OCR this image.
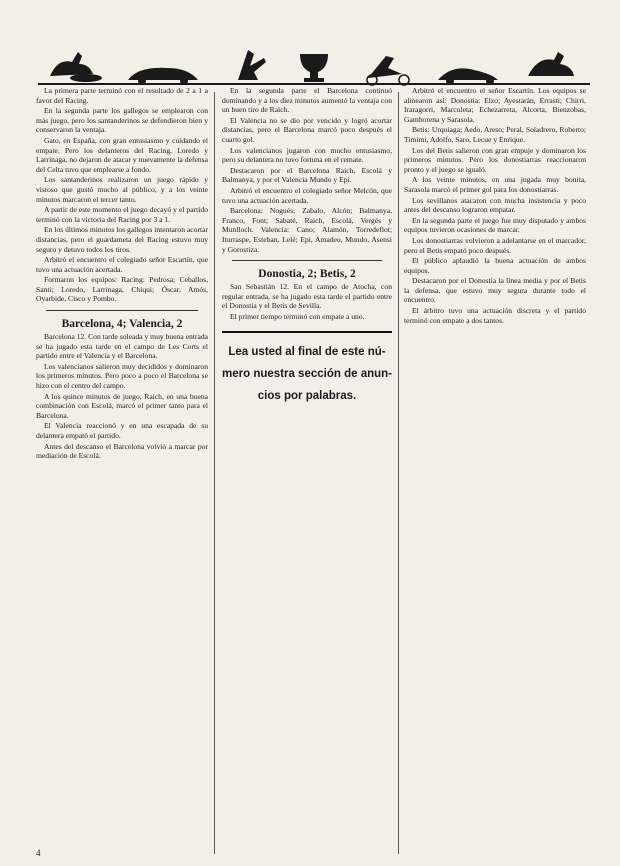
La primera parte terminó con el resultado de 2 a 1 a favor del Racing.

En la segunda parte los gallegos se emplearon con más juego, pero los santanderinos se defendieron bien y conservaron la ventaja.

Gato, en España, con gran entusiasmo y cuidando el empate. Pero los delanteros del Racing, Loredo y Larrinaga, no dejaron de atacar y nuevamente la defensa del Celta tuvo que emplearse a fondo.

Los santanderinos realizaron un juego rápido y vistoso que gustó mucho al público, y a los veinte minutos marcaron el tercer tanto.

A partir de este momento el juego decayó y el partido terminó con la victoria del Racing por 3 a 1.

En los últimos minutos los gallegos intentaron acortar distancias, pero el guardameta del Racing estuvo muy seguro y detuvo todos los tiros.

Arbitró el encuentro el colegiado señor Escartín, que tuvo una actuación acertada.

Formaron los equipos: Racing: Pedrosa; Ceballos, Santi; Loredo, Larrinaga, Chiqui; Óscar, Amós, Oyarbide, Cisco y Pombo.

Barcelona, 4; Valencia, 2

Barcelona 12. Con tarde soleada y muy buena entrada se ha jugado esta tarde en el campo de Les Corts el partido entre el Valencia y el Barcelona.

Los valencianos salieron muy decididos y dominaron los primeros minutos. Pero poco a poco el Barcelona se hizo con el centro del campo.

A los quince minutos de juego, Raich, en una buena combinación con Escolá, marcó el primer tanto para el Barcelona.

El Valencia reaccionó y en una escapada de su delantera empató el partido.

Antes del descanso el Barcelona volvió a marcar por mediación de Escolá.

En la segunda parte el Barcelona continuó dominando y a los diez minutos aumentó la ventaja con un buen tiro de Raich.

El Valencia no se dio por vencido y logró acortar distancias, pero el Barcelona marcó poco después el cuarto gol.

Los valencianos jugaron con mucho entusiasmo, pero su delantera no tuvo fortuna en el remate.

Destacaron por el Barcelona Raich, Escolá y Balmanya, y por el Valencia Mundo y Epi.

Arbitró el encuentro el colegiado señor Melcón, que tuvo una actuación acertada.

Barcelona: Nogués; Zabalo, Alcón; Balmanya, Franco, Font; Sabaté, Raich, Escolá, Vergés y Munlloch. Valencia: Cano; Alamón, Torredeflot; Iturraspe, Esteban, Lelé; Epi, Amadeo, Mundo, Asensi y Gorostiza.

Donostia, 2; Betis, 2

San Sebastián 12. En el campo de Atocha, con regular entrada, se ha jugado esta tarde el partido entre el Donostia y el Betis de Sevilla.

El primer tiempo terminó con empate a uno.

Lea usted al final de este nú-

mero nuestra sección de anun-

cios por palabras.

Arbitró el encuentro el señor Escartín. Los equipos se alinearon así: Donostia: Elzo; Ayestarán, Errasti; Chirri, Iraragorri, Marculeta; Echezarreta, Alcorta, Bienzobas, Gamborena y Sarasola.

Betis: Urquiaga; Aedo, Areso; Peral, Soladrero, Roberto; Timimi, Adolfo, Saro, Lecue y Enrique.

Los del Betis salieron con gran empuje y dominaron los primeros minutos. Pero los donostiarras reaccionaron pronto y el juego se igualó.

A los veinte minutos, en una jugada muy bonita, Sarasola marcó el primer gol para los donostiarras.

Los sevillanos atacaron con mucha insistencia y poco antes del descanso lograron empatar.

En la segunda parte el juego fue muy disputado y ambos equipos tuvieron ocasiones de marcar.

Los donostiarras volvieron a adelantarse en el marcador, pero el Betis empató poco después.

El público aplaudió la buena actuación de ambos equipos.

Destacaron por el Donostia la línea media y por el Betis la defensa, que estuvo muy segura durante todo el encuentro.

El árbitro tuvo una actuación discreta y el partido terminó con empate a dos tantos.

4
